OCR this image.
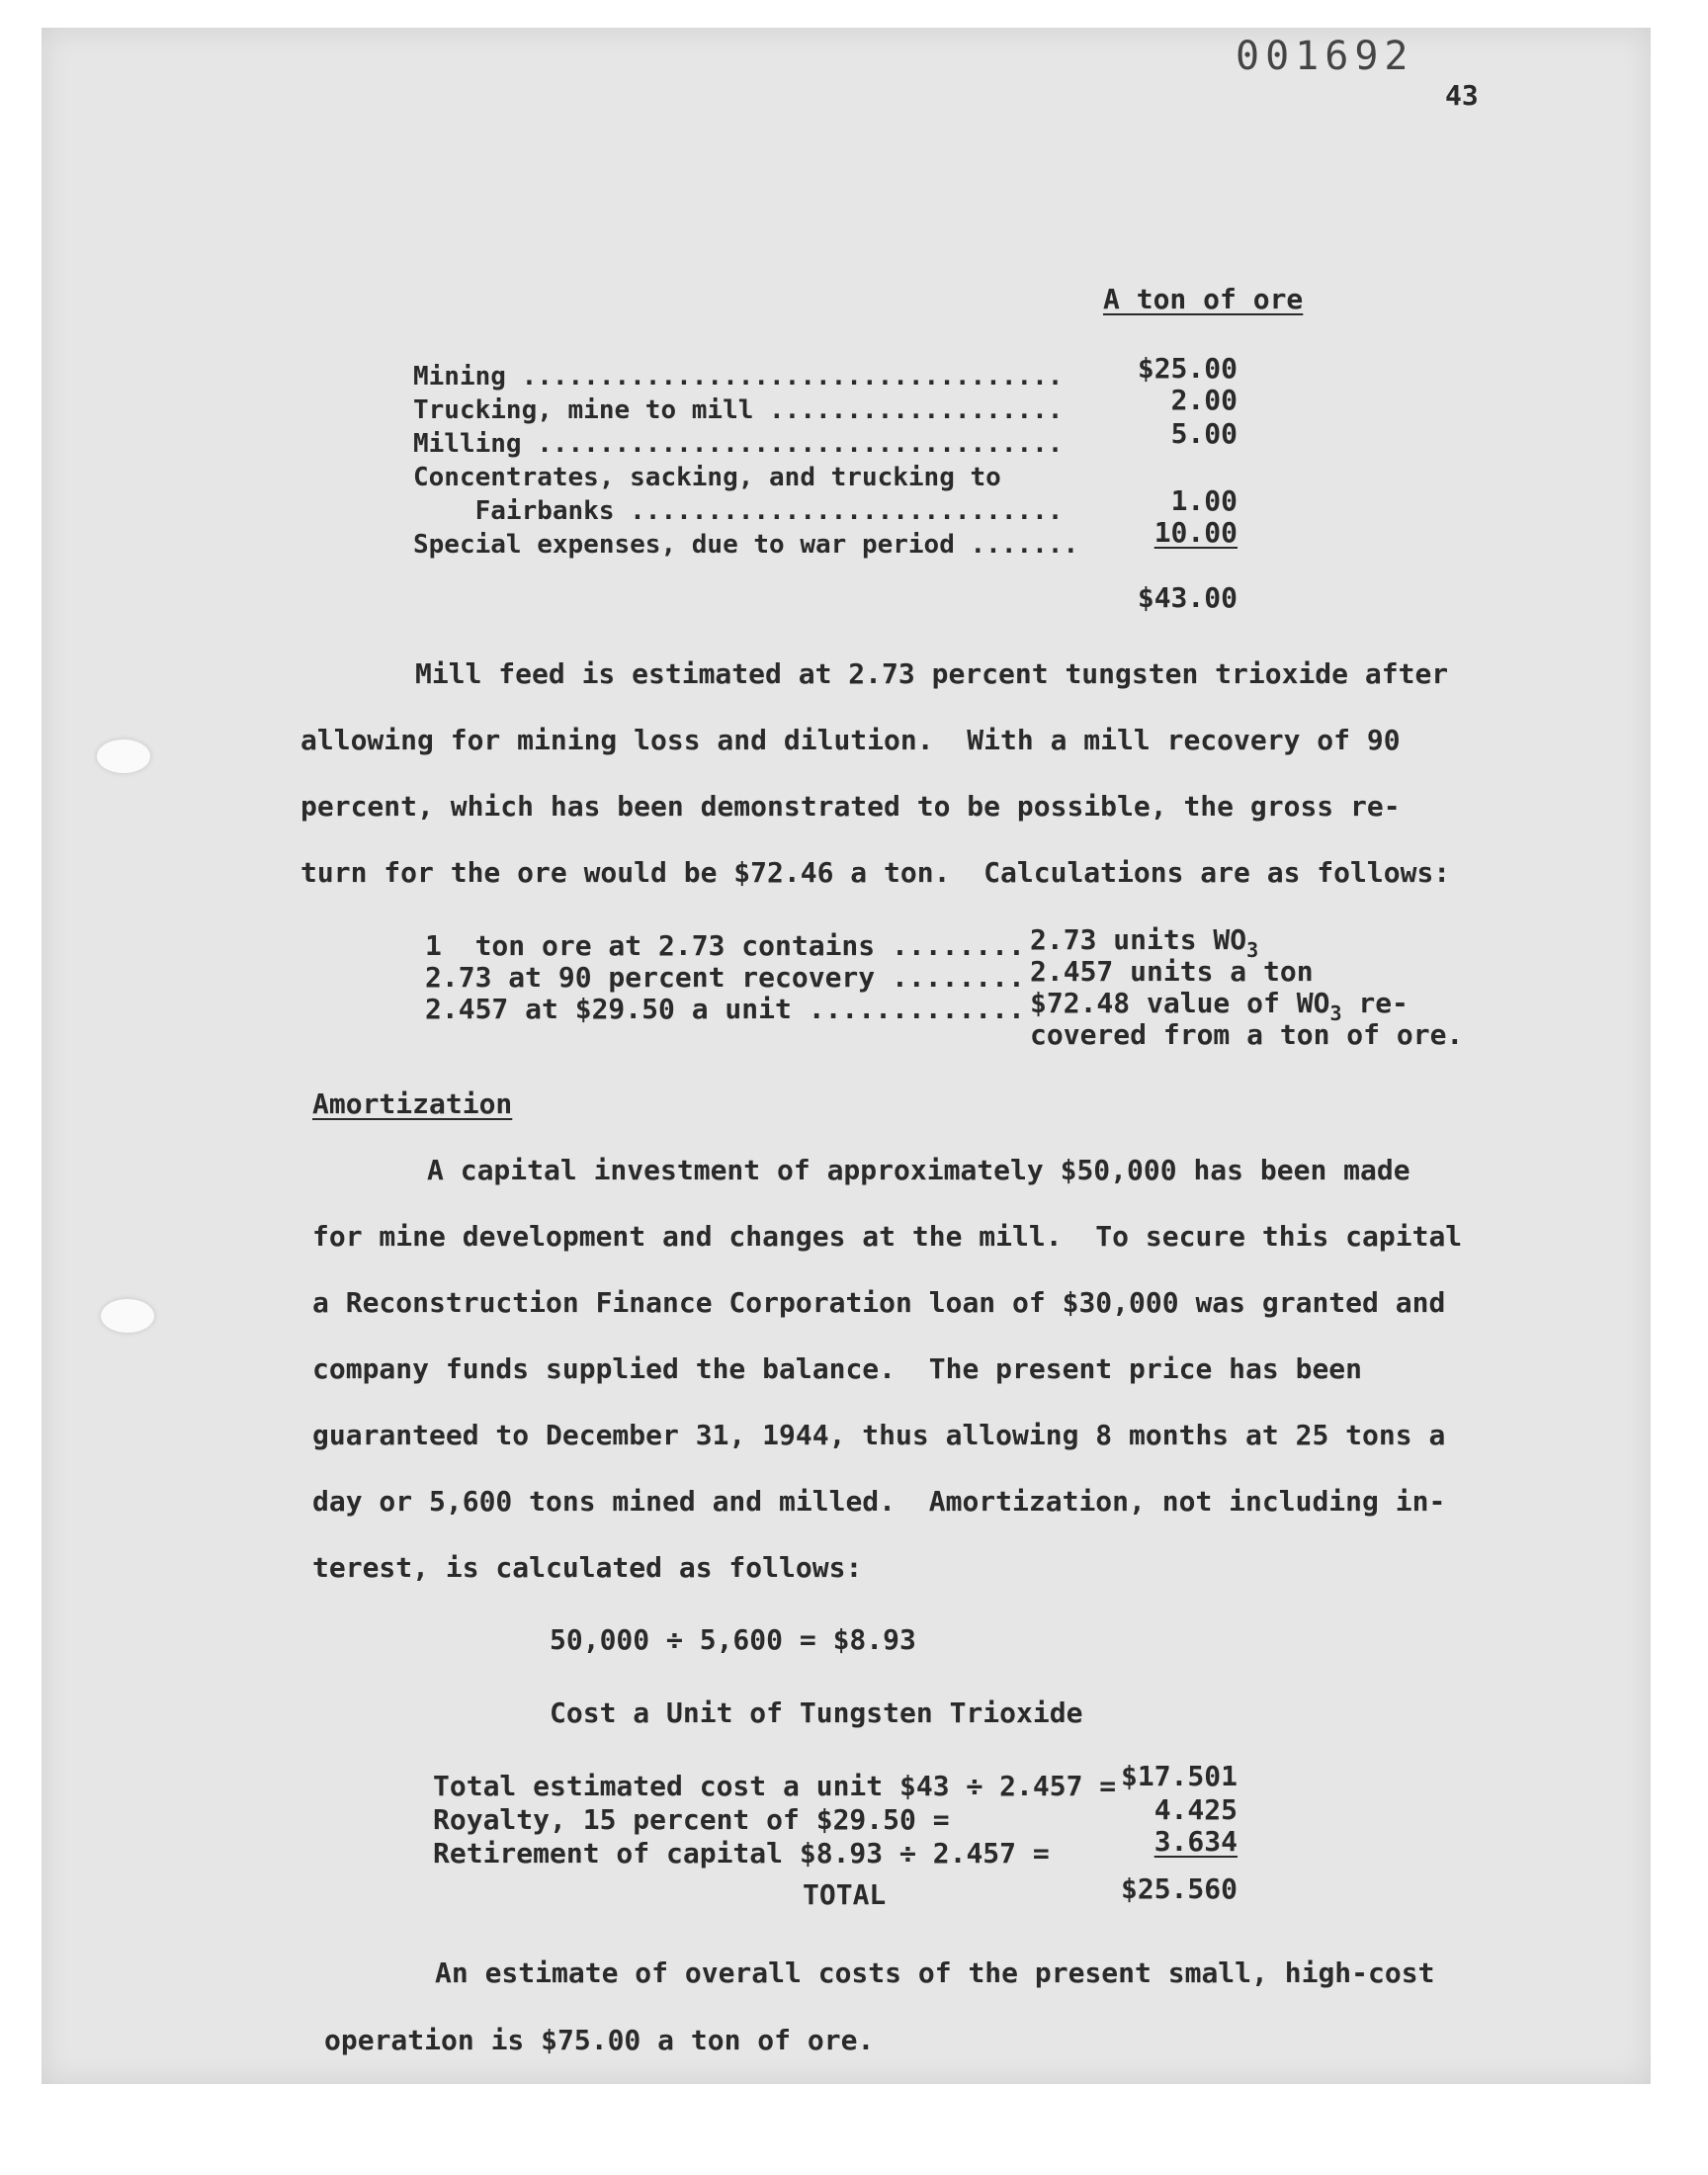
001692
43
A ton of ore
Mining ...................................	$25.00
Trucking, mine to mill ...................	2.00
Milling ..................................	5.00
Concentrates, sacking, and trucking to
Fairbanks ............................	1.00
Special expenses, due to war period .......	10.00
$43.00
Mill feed is estimated at 2.73 percent tungsten trioxide after
allowing for mining loss and dilution.  With a mill recovery of 90
percent, which has been demonstrated to be possible, the gross re-
turn for the ore would be $72.46 a ton.  Calculations are as follows:
1  ton ore at 2.73 contains ........ 2.73 units $WO_3$
2.73 at 90 percent recovery ........ 2.457 units a ton
2.457 at $29.50 a unit ............. $72.48 value of $WO_3$ re-
covered from a ton of ore.
Amortization
A capital investment of approximately $50,000 has been made
for mine development and changes at the mill.  To secure this capital
a Reconstruction Finance Corporation loan of $30,000 was granted and
company funds supplied the balance.  The present price has been
guaranteed to December 31, 1944, thus allowing 8 months at 25 tons a
day or 5,600 tons mined and milled.  Amortization, not including in-
terest, is calculated as follows:
50,000 ÷ 5,600 = $8.93
Cost a Unit of Tungsten Trioxide
Total estimated cost a unit $43 ÷ 2.457 = $17.501
Royalty, 15 percent of $29.50 =	4.425
Retirement of capital $8.93 ÷ 2.457 =	3.634
TOTAL	$25.560
An estimate of overall costs of the present small, high-cost
operation is $75.00 a ton of ore.
